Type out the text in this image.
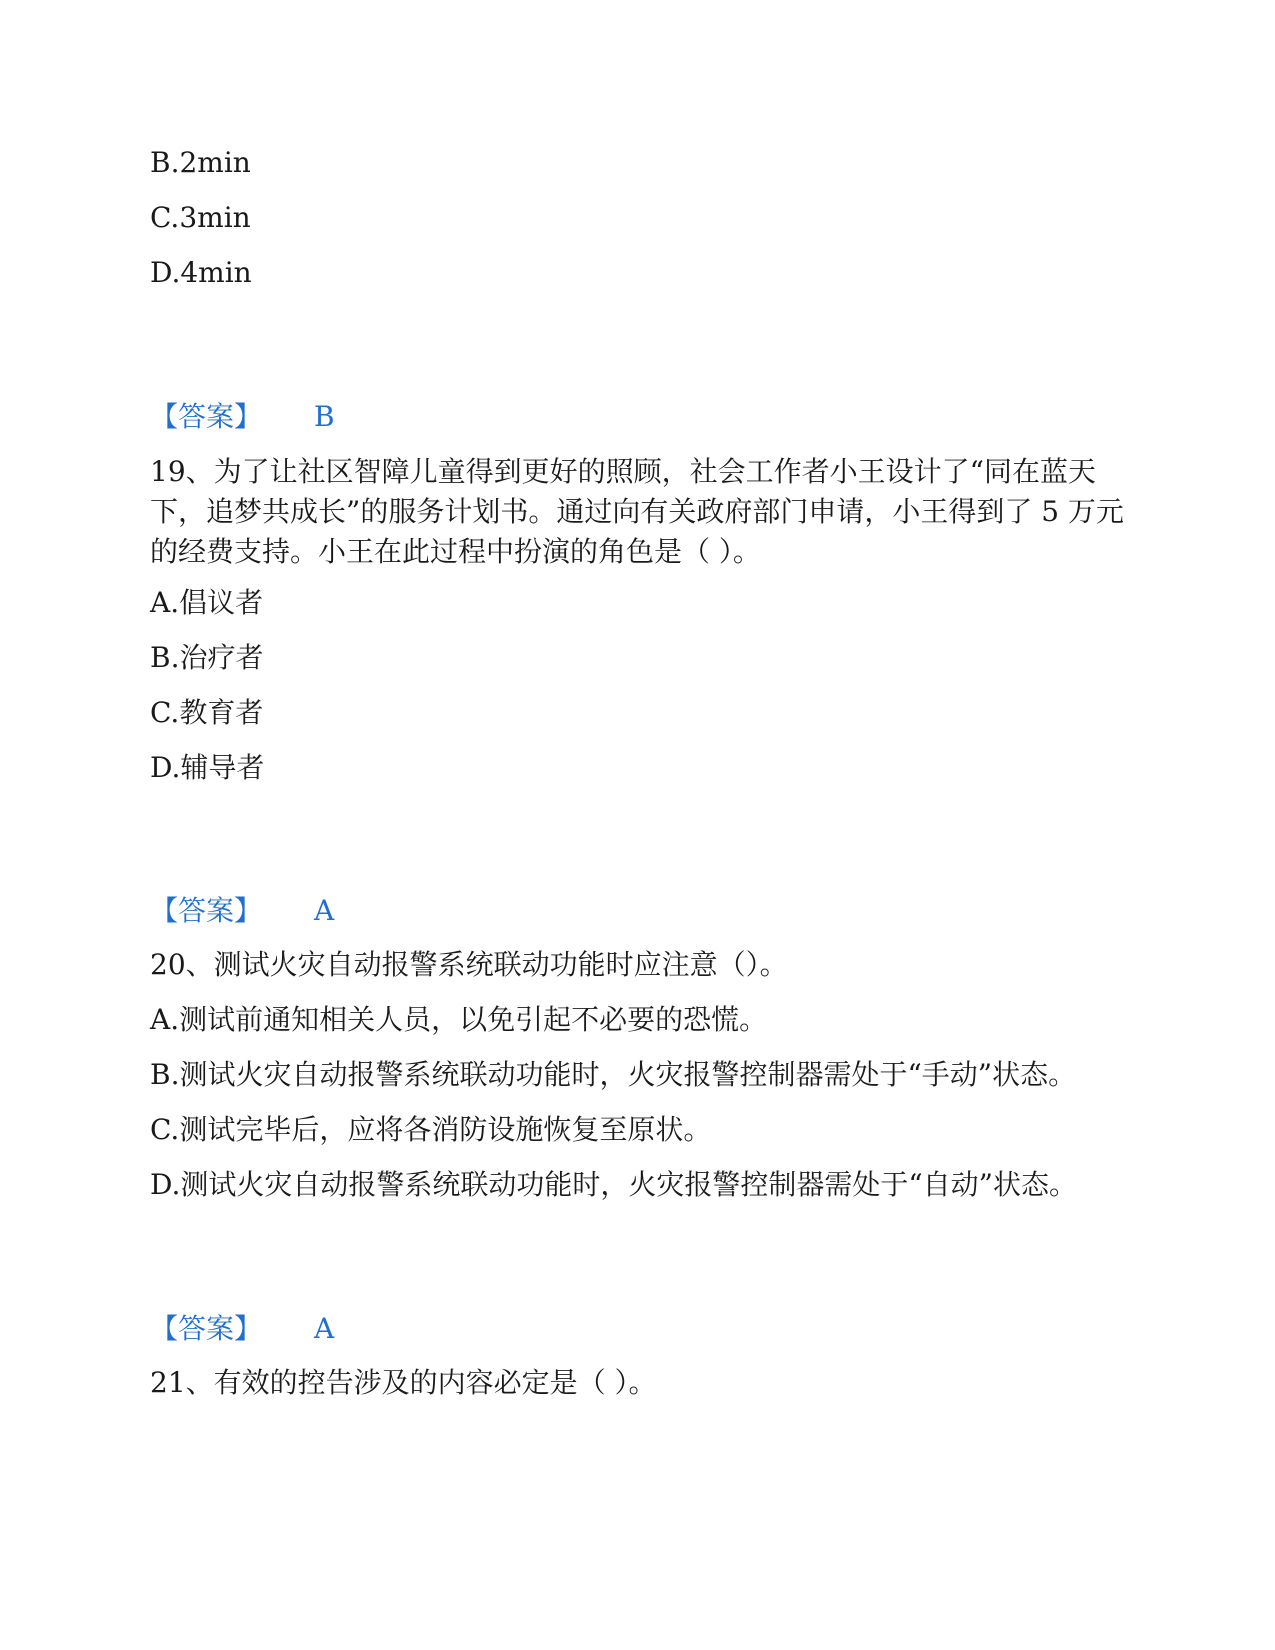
B.2min
C.3min
D.4min
【答案】 B
19、为了让社区智障儿童得到更好的照顾，社会工作者小王设计了“同在蓝天下，追梦共成长”的服务计划书。通过向有关政府部门申请，小王得到了 5 万元的经费支持。小王在此过程中扮演的角色是（ ）。
A.倡议者
B.治疗者
C.教育者
D.辅导者
【答案】 A
20、测试火灾自动报警系统联动功能时应注意（）。
A.测试前通知相关人员，以免引起不必要的恐慌。
B.测试火灾自动报警系统联动功能时，火灾报警控制器需处于“手动”状态。
C.测试完毕后，应将各消防设施恢复至原状。
D.测试火灾自动报警系统联动功能时，火灾报警控制器需处于“自动”状态。
【答案】 A
21、有效的控告涉及的内容必定是（ ）。
